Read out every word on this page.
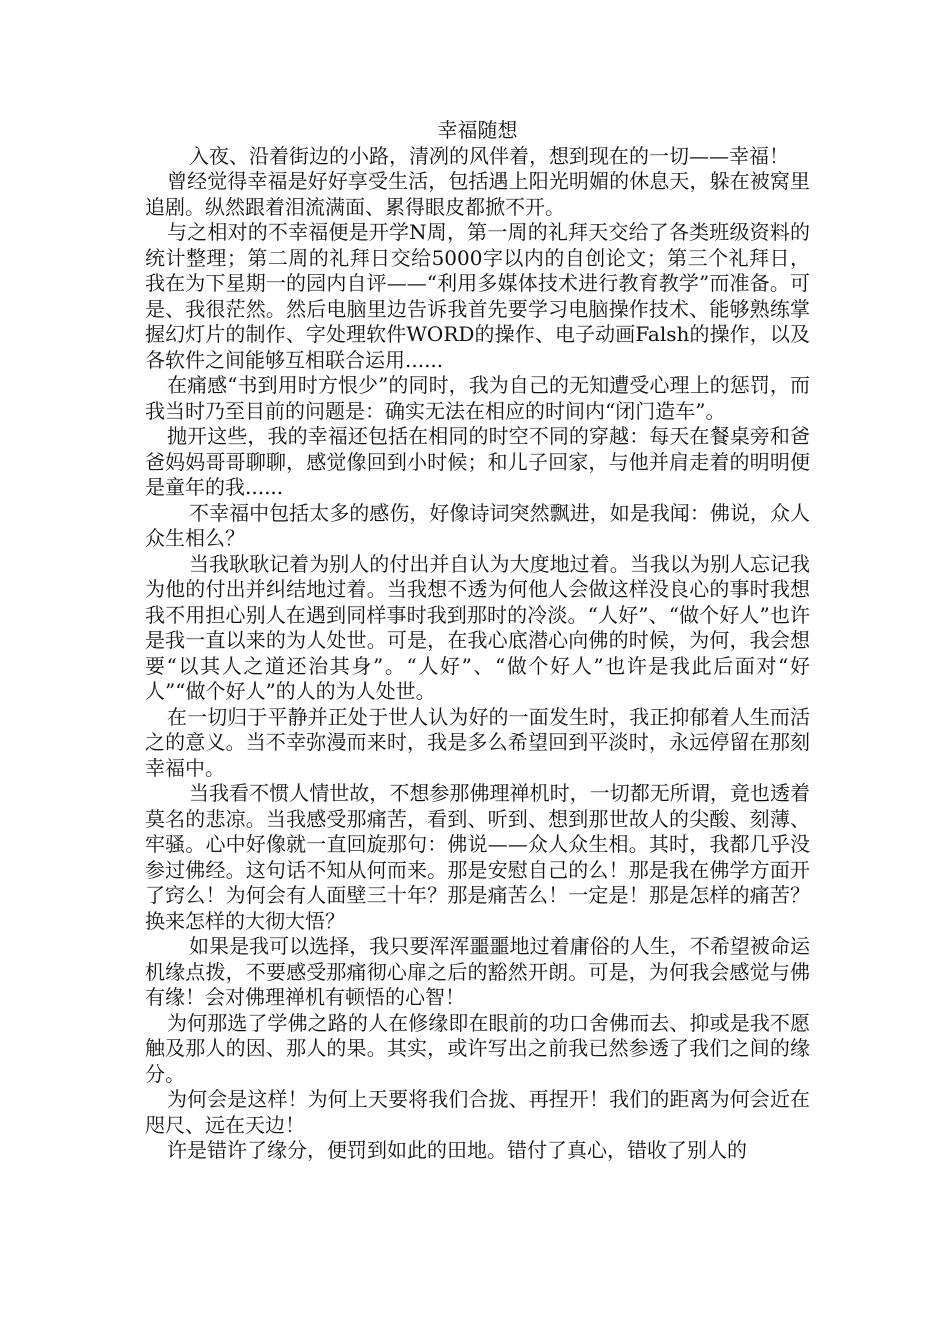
幸福随想

入夜、沿着街边的小路，清冽的风伴着，想到现在的一切——幸福！

曾经觉得幸福是好好享受生活，包括遇上阳光明媚的休息天，躲在被窝里追剧。纵然跟着泪流满面、累得眼皮都掀不开。

与之相对的不幸福便是开学N周，第一周的礼拜天交给了各类班级资料的统计整理；第二周的礼拜日交给5000字以内的自创论文；第三个礼拜日，我在为下星期一的园内自评——“利用多媒体技术进行教育教学”而准备。可是、我很茫然。然后电脑里边告诉我首先要学习电脑操作技术、能够熟练掌握幻灯片的制作、字处理软件WORD的操作、电子动画Falsh的操作，以及各软件之间能够互相联合运用......

在痛感“书到用时方恨少”的同时，我为自己的无知遭受心理上的惩罚，而我当时乃至目前的问题是：确实无法在相应的时间内“闭门造车”。

抛开这些，我的幸福还包括在相同的时空不同的穿越：每天在餐桌旁和爸爸妈妈哥哥聊聊，感觉像回到小时候；和儿子回家，与他并肩走着的明明便是童年的我......

不幸福中包括太多的感伤，好像诗词突然飘进，如是我闻：佛说，众人众生相么？

当我耿耿记着为别人的付出并自认为大度地过着。当我以为别人忘记我为他的付出并纠结地过着。当我想不透为何他人会做这样没良心的事时我想我不用担心别人在遇到同样事时我到那时的冷淡。“人好”、“做个好人”也许是我一直以来的为人处世。可是，在我心底潜心向佛的时候，为何，我会想要“以其人之道还治其身”。“人好”、“做个好人”也许是我此后面对“好人”“做个好人”的人的为人处世。

在一切归于平静并正处于世人认为好的一面发生时，我正抑郁着人生而活之的意义。当不幸弥漫而来时，我是多么希望回到平淡时，永远停留在那刻幸福中。

当我看不惯人情世故，不想参那佛理禅机时，一切都无所谓，竟也透着莫名的悲凉。当我感受那痛苦，看到、听到、想到那世故人的尖酸、刻薄、牢骚。心中好像就一直回旋那句：佛说——众人众生相。其时，我都几乎没参过佛经。这句话不知从何而来。那是安慰自己的么！那是我在佛学方面开了窍么！为何会有人面壁三十年？那是痛苦么！一定是！那是怎样的痛苦？换来怎样的大彻大悟？

如果是我可以选择，我只要浑浑噩噩地过着庸俗的人生，不希望被命运机缘点拨，不要感受那痛彻心扉之后的豁然开朗。可是，为何我会感觉与佛有缘！会对佛理禅机有顿悟的心智！

为何那选了学佛之路的人在修缘即在眼前的功口舍佛而去、抑或是我不愿触及那人的因、那人的果。其实，或许写出之前我已然参透了我们之间的缘分。

为何会是这样！为何上天要将我们合拢、再捏开！我们的距离为何会近在咫尺、远在天边！

许是错许了缘分，便罚到如此的田地。错付了真心，错收了别人的
